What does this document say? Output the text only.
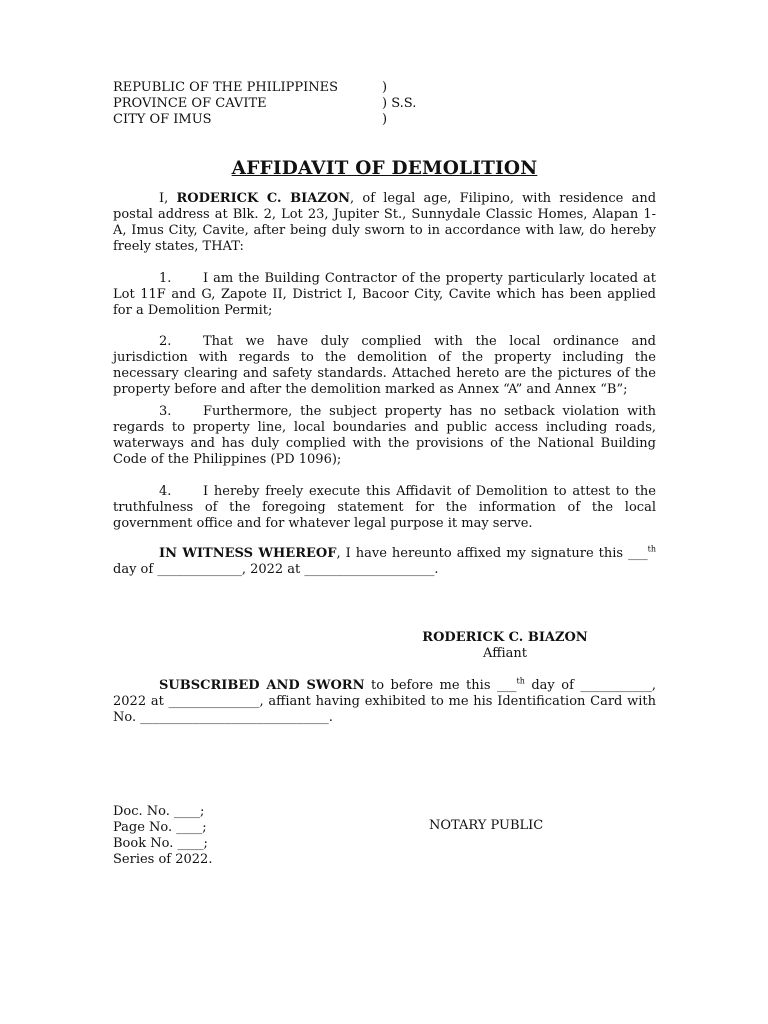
REPUBLIC OF THE PHILIPPINES	)
PROVINCE OF CAVITE	) S.S.
CITY OF IMUS	)
AFFIDAVIT OF DEMOLITION

I, RODERICK C. BIAZON, of legal age, Filipino, with residence and postal address at Blk. 2, Lot 23, Jupiter St., Sunnydale Classic Homes, Alapan 1-A, Imus City, Cavite, after being duly sworn to in accordance with law, do hereby freely states, THAT:

1. I am the Building Contractor of the property particularly located at Lot 11F and G, Zapote II, District I, Bacoor City, Cavite which has been applied for a Demolition Permit;

2. That we have duly complied with the local ordinance and jurisdiction with regards to the demolition of the property including the necessary clearing and safety standards. Attached hereto are the pictures of the property before and after the demolition marked as Annex “A” and Annex “B”;

3. Furthermore, the subject property has no setback violation with regards to property line, local boundaries and public access including roads, waterways and has duly complied with the provisions of the National Building Code of the Philippines (PD 1096);

4. I hereby freely execute this Affidavit of Demolition to attest to the truthfulness of the foregoing statement for the information of the local government office and for whatever legal purpose it may serve.

IN WITNESS WHEREOF, I have hereunto affixed my signature this ___$^{th}$ day of _____________, 2022 at ____________________.

RODERICK C. BIAZON
Affiant

SUBSCRIBED AND SWORN to before me this ___$^{th}$ day of ___________, 2022 at ______________, affiant having exhibited to me his Identification Card with No. _____________________________.

Doc. No. ____;
Page No. ____;
Book No. ____;
Series of 2022.
NOTARY PUBLIC
